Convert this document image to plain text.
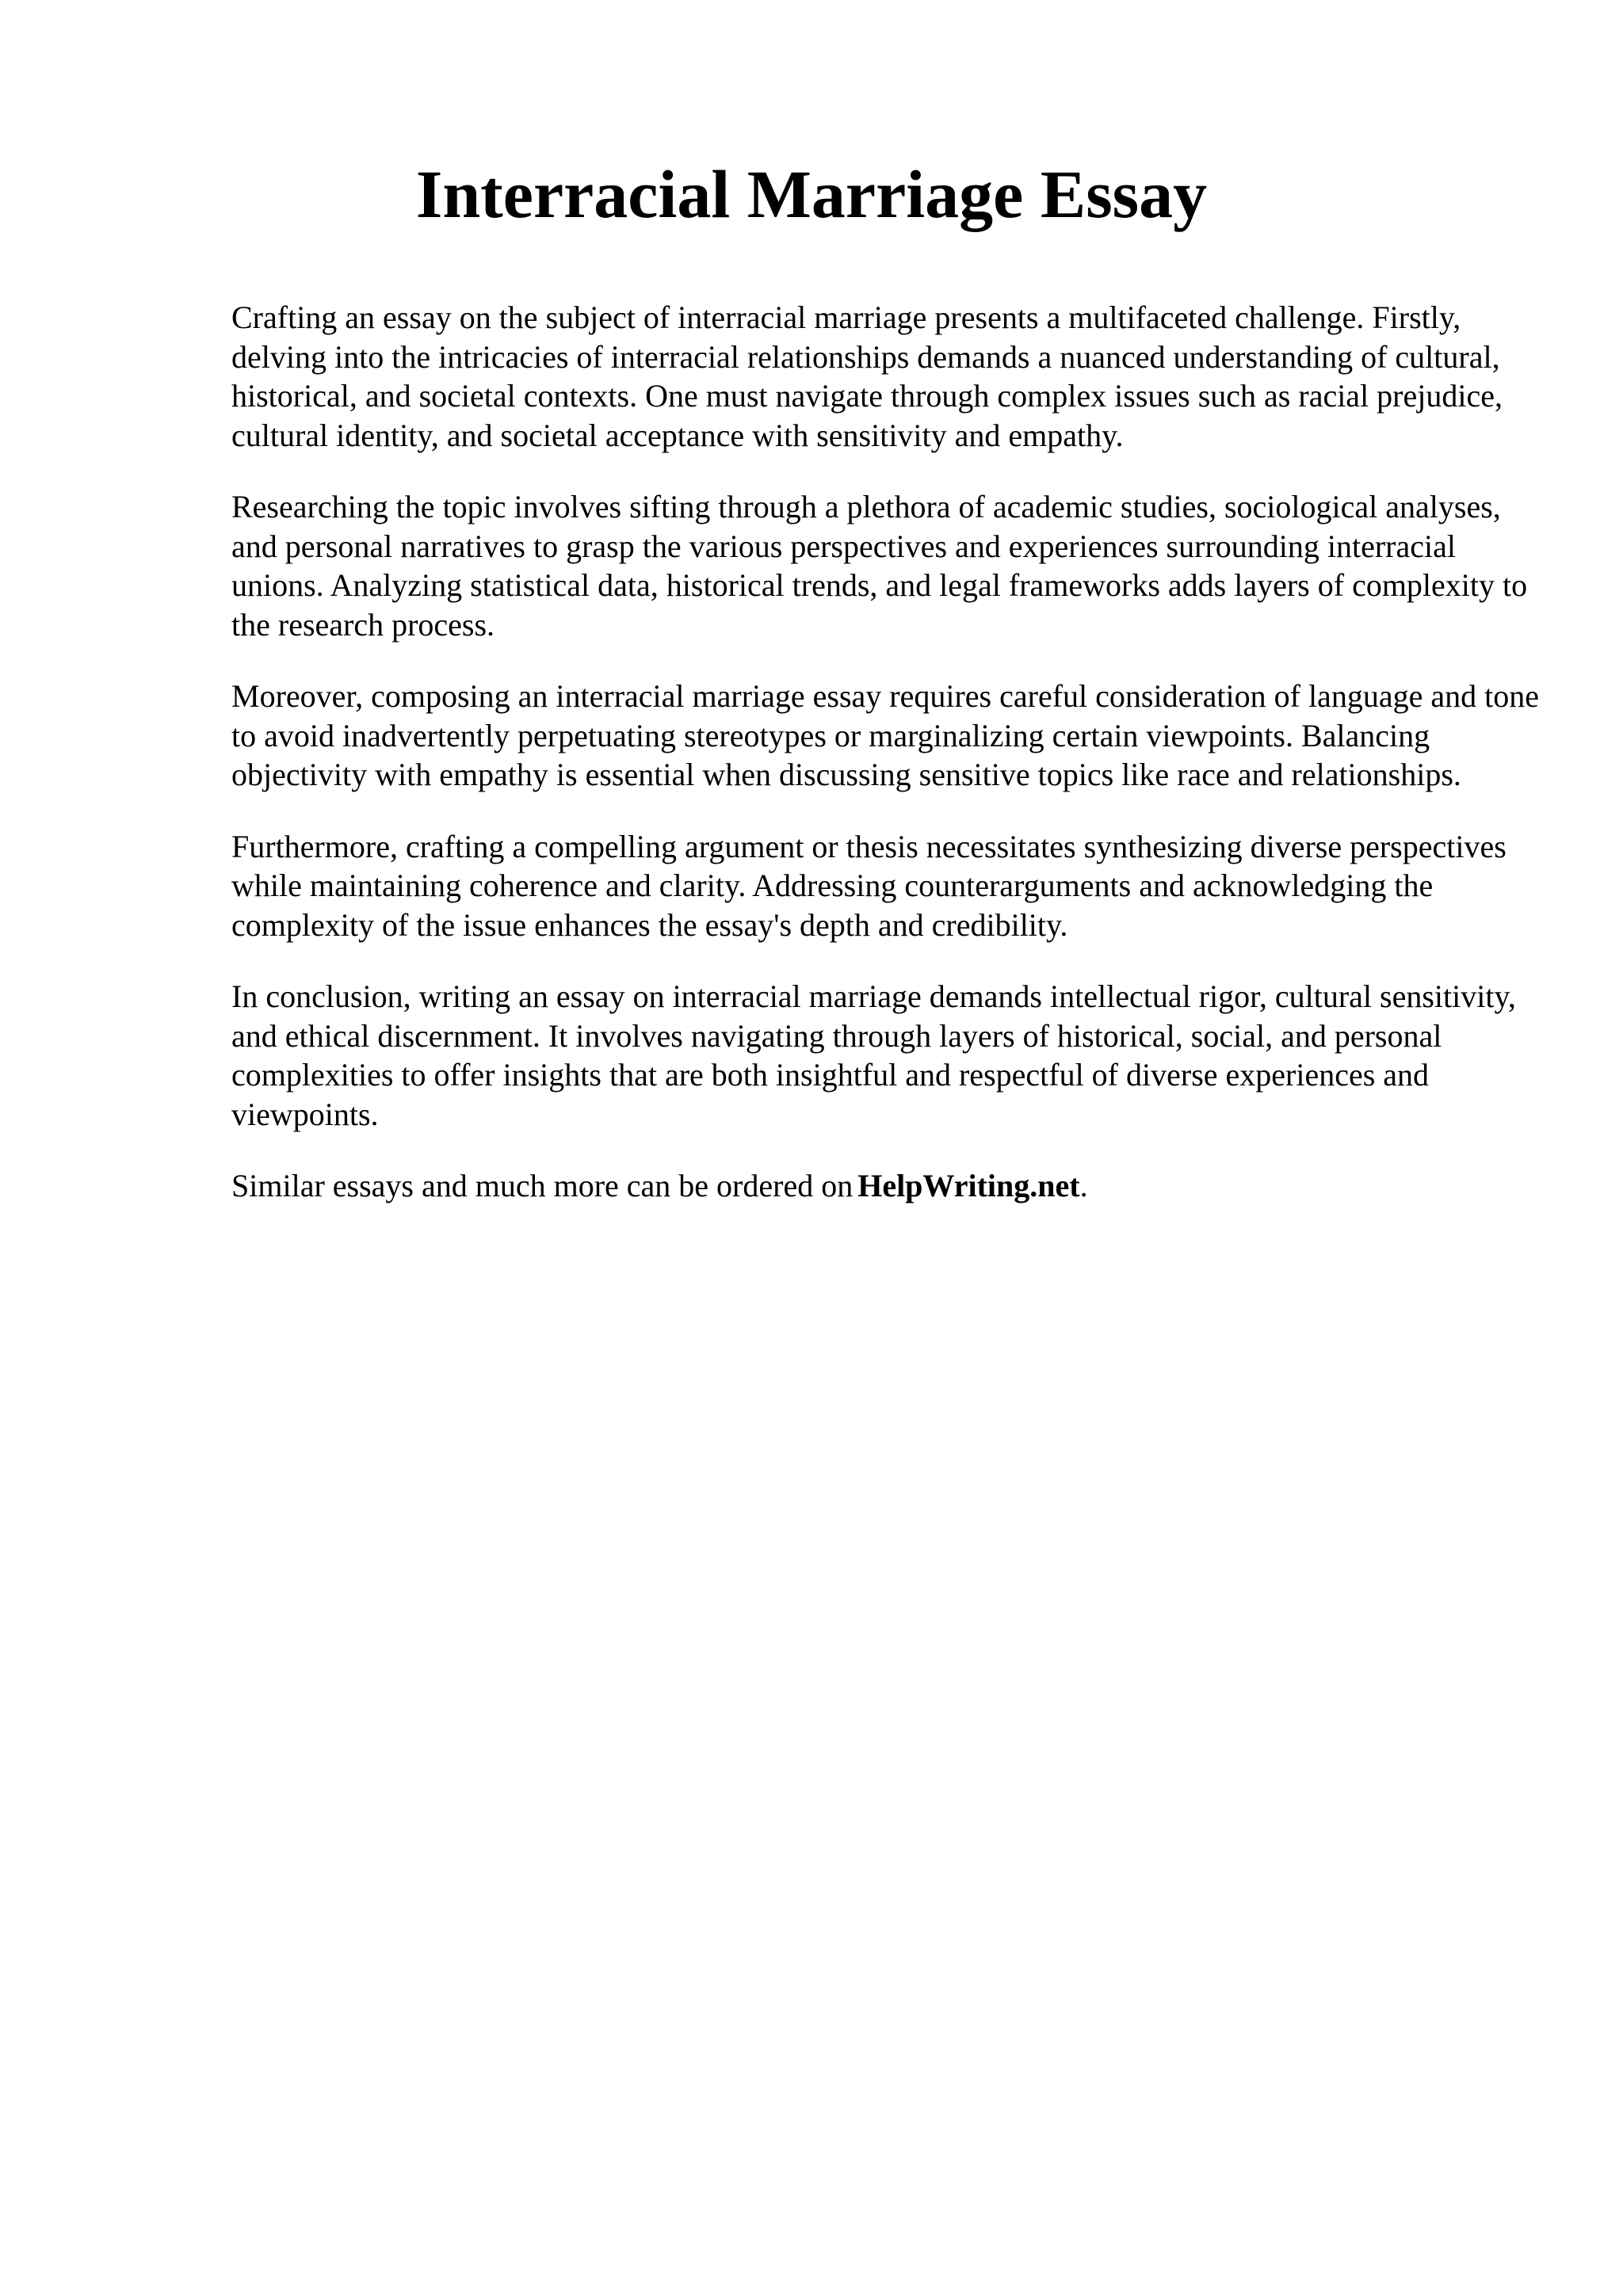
Interracial Marriage Essay

Crafting an essay on the subject of interracial marriage presents a multifaceted challenge. Firstly, delving into the intricacies of interracial relationships demands a nuanced understanding of cultural, historical, and societal contexts. One must navigate through complex issues such as racial prejudice, cultural identity, and societal acceptance with sensitivity and empathy.

Researching the topic involves sifting through a plethora of academic studies, sociological analyses, and personal narratives to grasp the various perspectives and experiences surrounding interracial unions. Analyzing statistical data, historical trends, and legal frameworks adds layers of complexity to the research process.

Moreover, composing an interracial marriage essay requires careful consideration of language and tone to avoid inadvertently perpetuating stereotypes or marginalizing certain viewpoints. Balancing objectivity with empathy is essential when discussing sensitive topics like race and relationships.

Furthermore, crafting a compelling argument or thesis necessitates synthesizing diverse perspectives while maintaining coherence and clarity. Addressing counterarguments and acknowledging the complexity of the issue enhances the essay's depth and credibility.

In conclusion, writing an essay on interracial marriage demands intellectual rigor, cultural sensitivity, and ethical discernment. It involves navigating through layers of historical, social, and personal complexities to offer insights that are both insightful and respectful of diverse experiences and viewpoints.

Similar essays and much more can be ordered on HelpWriting.net.
